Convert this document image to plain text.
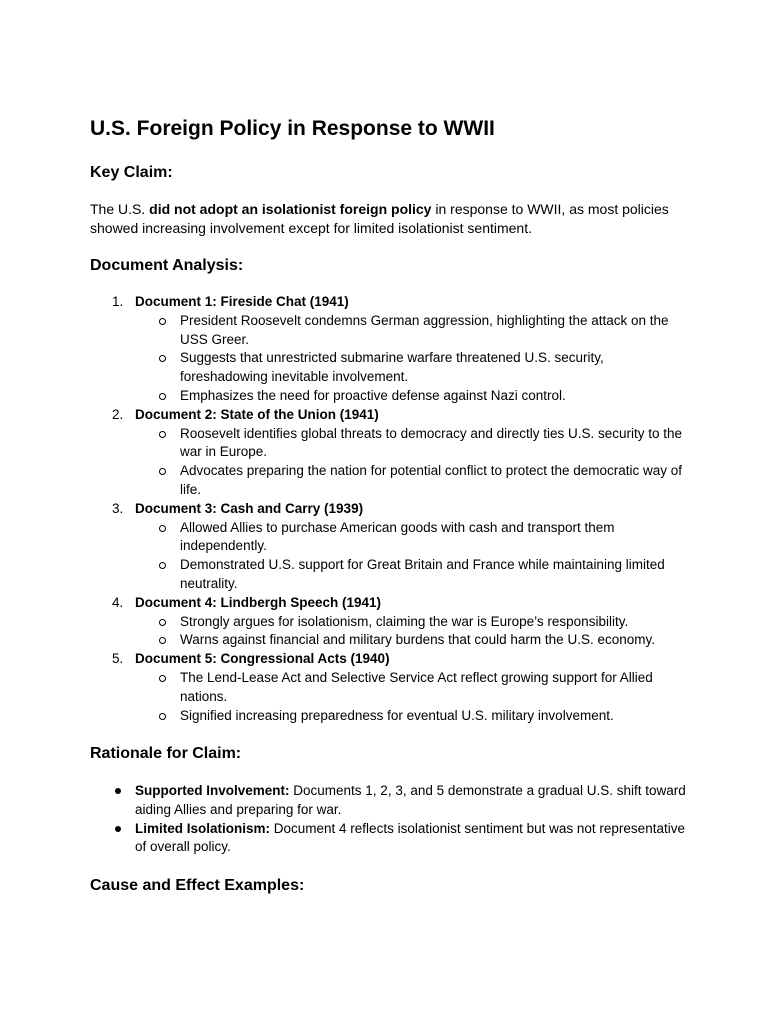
U.S. Foreign Policy in Response to WWII
Key Claim:

The U.S. did not adopt an isolationist foreign policy in response to WWII, as most policies showed increasing involvement except for limited isolationist sentiment.

Document Analysis:
1. Document 1: Fireside Chat (1941)
President Roosevelt condemns German aggression, highlighting the attack on the USS Greer.
Suggests that unrestricted submarine warfare threatened U.S. security, foreshadowing inevitable involvement.
Emphasizes the need for proactive defense against Nazi control.
2. Document 2: State of the Union (1941)
Roosevelt identifies global threats to democracy and directly ties U.S. security to the war in Europe.
Advocates preparing the nation for potential conflict to protect the democratic way of life.
3. Document 3: Cash and Carry (1939)
Allowed Allies to purchase American goods with cash and transport them independently.
Demonstrated U.S. support for Great Britain and France while maintaining limited neutrality.
4. Document 4: Lindbergh Speech (1941)
Strongly argues for isolationism, claiming the war is Europe’s responsibility.
Warns against financial and military burdens that could harm the U.S. economy.
5. Document 5: Congressional Acts (1940)
The Lend-Lease Act and Selective Service Act reflect growing support for Allied nations.
Signified increasing preparedness for eventual U.S. military involvement.
Rationale for Claim:
Supported Involvement: Documents 1, 2, 3, and 5 demonstrate a gradual U.S. shift toward aiding Allies and preparing for war.
Limited Isolationism: Document 4 reflects isolationist sentiment but was not representative of overall policy.
Cause and Effect Examples:
